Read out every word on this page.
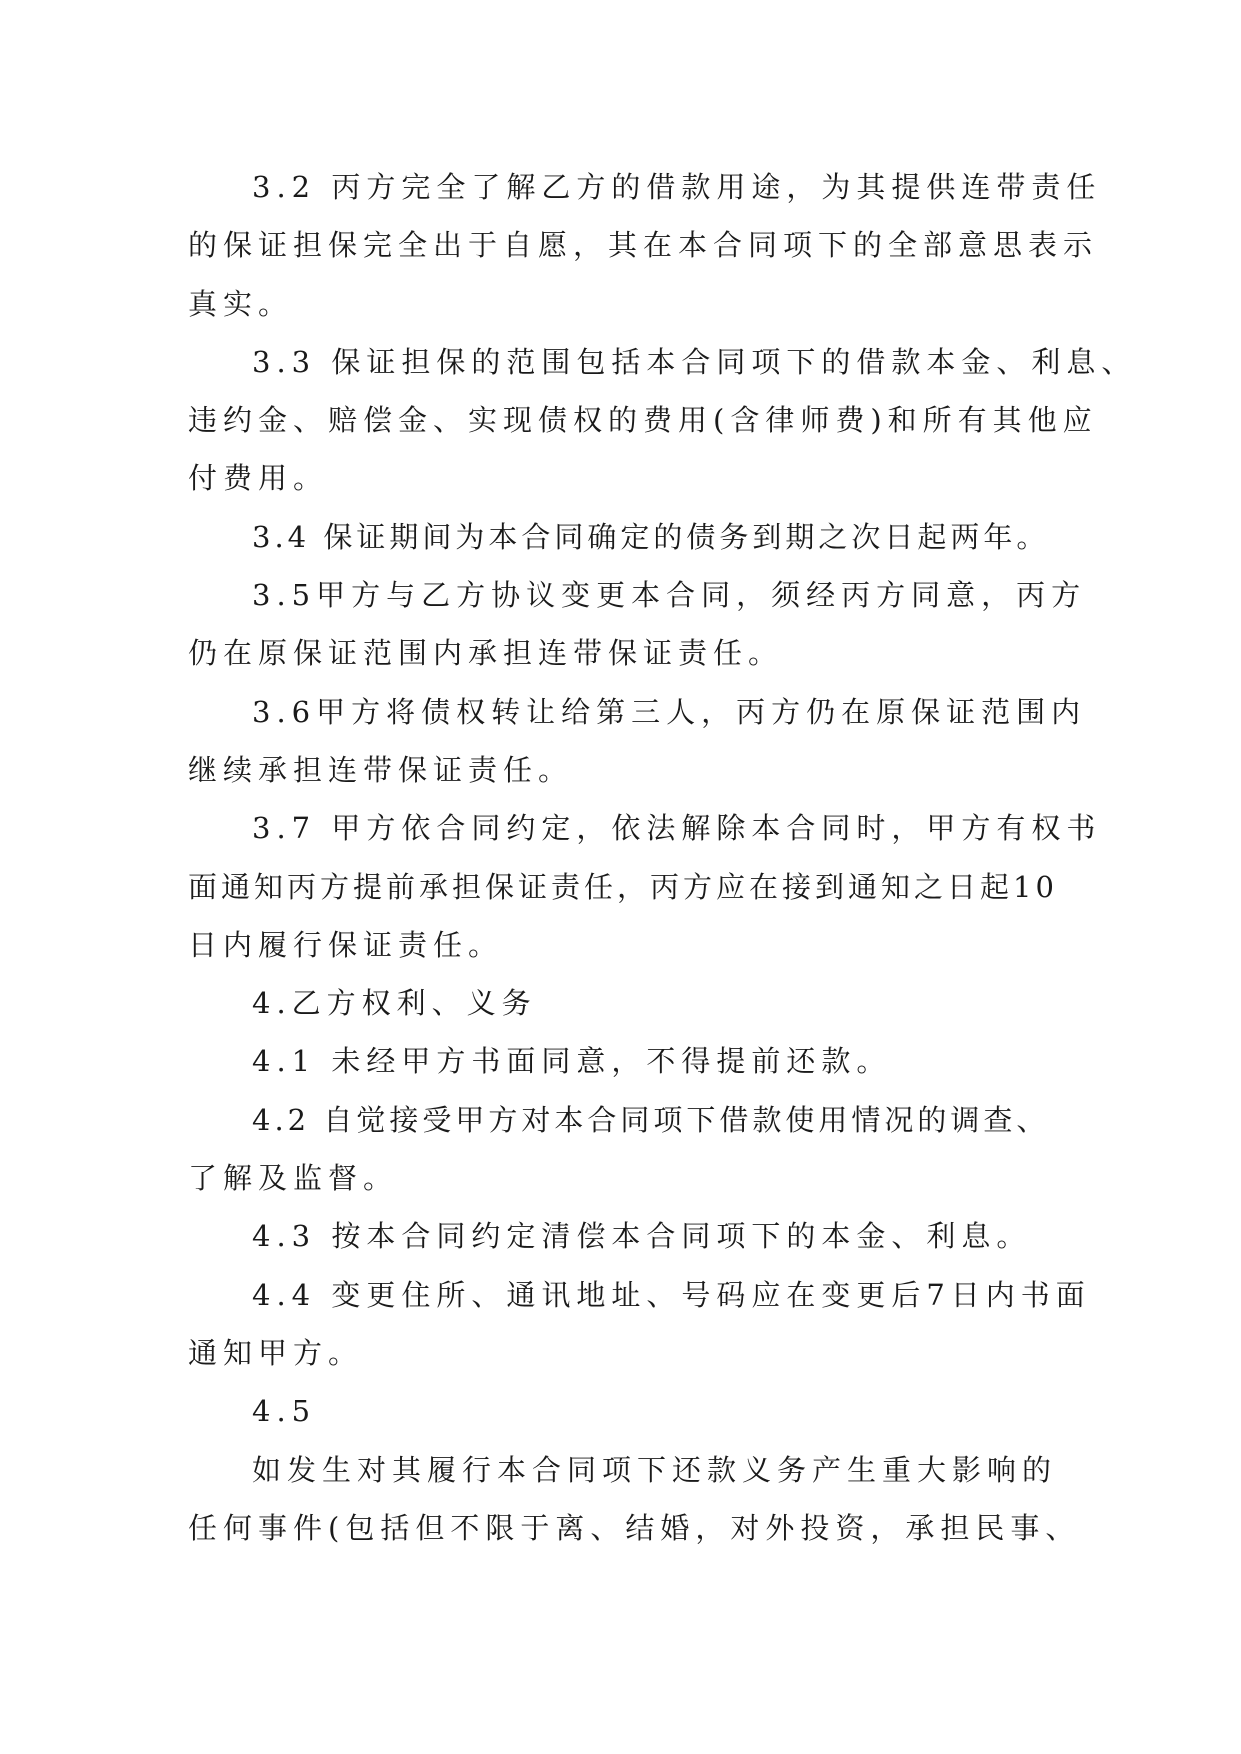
3.2 丙方完全了解乙方的借款用途，为其提供连带责任
的保证担保完全出于自愿，其在本合同项下的全部意思表示
真实。
3.3 保证担保的范围包括本合同项下的借款本金、利息、
违约金、赔偿金、实现债权的费用(含律师费)和所有其他应
付费用。
3.4 保证期间为本合同确定的债务到期之次日起两年。
3.5甲方与乙方协议变更本合同，须经丙方同意，丙方
仍在原保证范围内承担连带保证责任。
3.6甲方将债权转让给第三人，丙方仍在原保证范围内
继续承担连带保证责任。
3.7 甲方依合同约定，依法解除本合同时，甲方有权书
面通知丙方提前承担保证责任，丙方应在接到通知之日起10
日内履行保证责任。
4.乙方权利、义务
4.1 未经甲方书面同意，不得提前还款。
4.2 自觉接受甲方对本合同项下借款使用情况的调查、
了解及监督。
4.3 按本合同约定清偿本合同项下的本金、利息。
4.4 变更住所、通讯地址、号码应在变更后7日内书面
通知甲方。
4.5
如发生对其履行本合同项下还款义务产生重大影响的
任何事件(包括但不限于离、结婚，对外投资，承担民事、
